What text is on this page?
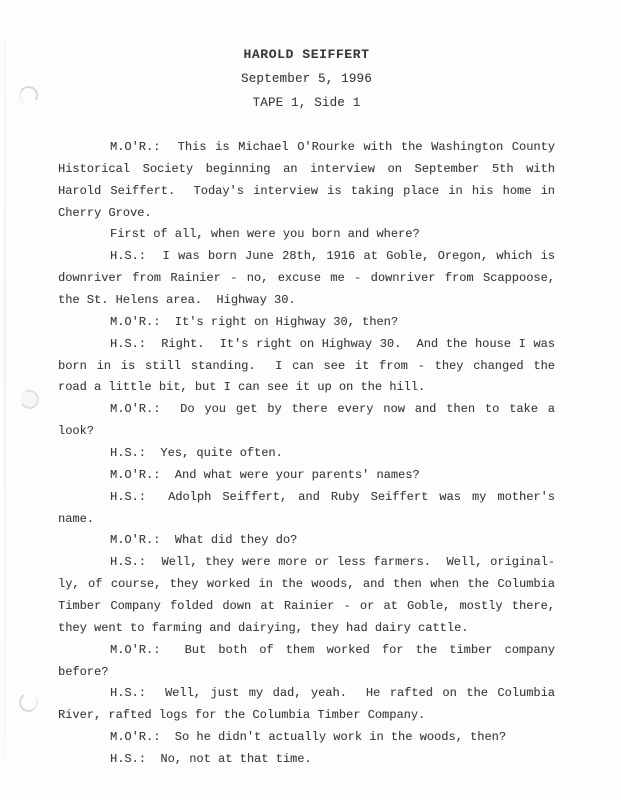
HAROLD SEIFFERT
September 5, 1996
TAPE 1, Side 1
M.O'R.:  This is Michael O'Rourke with the Washington County
Historical Society beginning an interview on September 5th with
Harold Seiffert.  Today's interview is taking place in his home in
Cherry Grove.
First of all, when were you born and where?
H.S.:  I was born June 28th, 1916 at Goble, Oregon, which is
downriver from Rainier - no, excuse me - downriver from Scappoose,
the St. Helens area.  Highway 30.
M.O'R.:  It's right on Highway 30, then?
H.S.:  Right.  It's right on Highway 30.  And the house I was
born in is still standing.  I can see it from - they changed the
road a little bit, but I can see it up on the hill.
M.O'R.:  Do you get by there every now and then to take a
look?
H.S.:  Yes, quite often.
M.O'R.:  And what were your parents' names?
H.S.:  Adolph Seiffert, and Ruby Seiffert was my mother's
name.
M.O'R.:  What did they do?
H.S.:  Well, they were more or less farmers.  Well, original-
ly, of course, they worked in the woods, and then when the Columbia
Timber Company folded down at Rainier - or at Goble, mostly there,
they went to farming and dairying, they had dairy cattle.
M.O'R.:  But both of them worked for the timber company
before?
H.S.:  Well, just my dad, yeah.  He rafted on the Columbia
River, rafted logs for the Columbia Timber Company.
M.O'R.:  So he didn't actually work in the woods, then?
H.S.:  No, not at that time.
